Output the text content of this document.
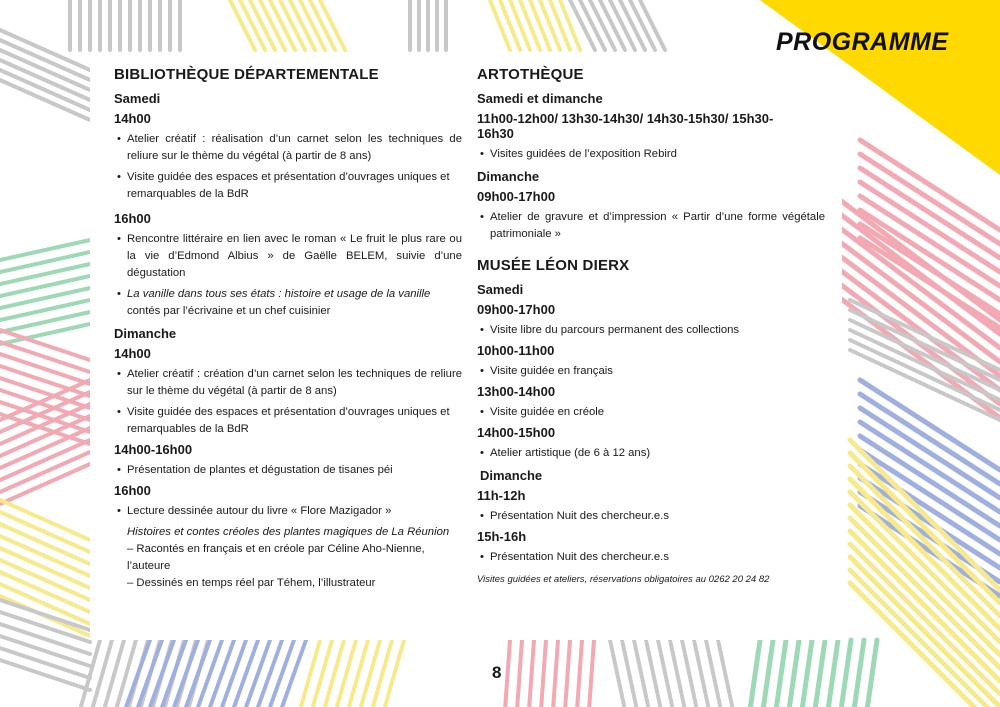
PROGRAMME
BIBLIOTHÈQUE DÉPARTEMENTALE
Samedi
14h00
• Atelier créatif : réalisation d’un carnet selon les techniques de reliure sur le thème du végétal (à partir de 8 ans)
• Visite guidée des espaces et présentation d’ouvrages uniques et remarquables de la BdR
16h00
• Rencontre littéraire en lien avec le roman « Le fruit le plus rare ou la vie d’Edmond Albius » de Gaëlle BELEM, suivie d’une dégustation
• La vanille dans tous ses états : histoire et usage de la vanille
contés par l’écrivaine et un chef cuisinier
Dimanche
14h00
• Atelier créatif : création d’un carnet selon les techniques de reliure sur le thème du végétal (à partir de 8 ans)
• Visite guidée des espaces et présentation d’ouvrages uniques et remarquables de la BdR
14h00-16h00
• Présentation de plantes et dégustation de tisanes péi
16h00
• Lecture dessinée autour du livre « Flore Mazigador »
Histoires et contes créoles des plantes magiques de La Réunion
– Racontés en français et en créole par Céline Aho-Nienne, l’auteure
– Dessinés en temps réel par Téhem, l’illustrateur
ARTOTHÈQUE
Samedi et dimanche
11h00-12h00/ 13h30-14h30/ 14h30-15h30/ 15h30-16h30
• Visites guidées de l’exposition Rebird
Dimanche
09h00-17h00
• Atelier de gravure et d’impression « Partir d’une forme végétale patrimoniale »
MUSÉE LÉON DIERX
Samedi
09h00-17h00
• Visite libre du parcours permanent des collections
10h00-11h00
• Visite guidée en français
13h00-14h00
• Visite guidée en créole
14h00-15h00
• Atelier artistique (de 6 à 12 ans)
Dimanche
11h-12h
• Présentation Nuit des chercheur.e.s
15h-16h
• Présentation Nuit des chercheur.e.s
Visites guidées et ateliers, réservations obligatoires au 0262 20 24 82
8
